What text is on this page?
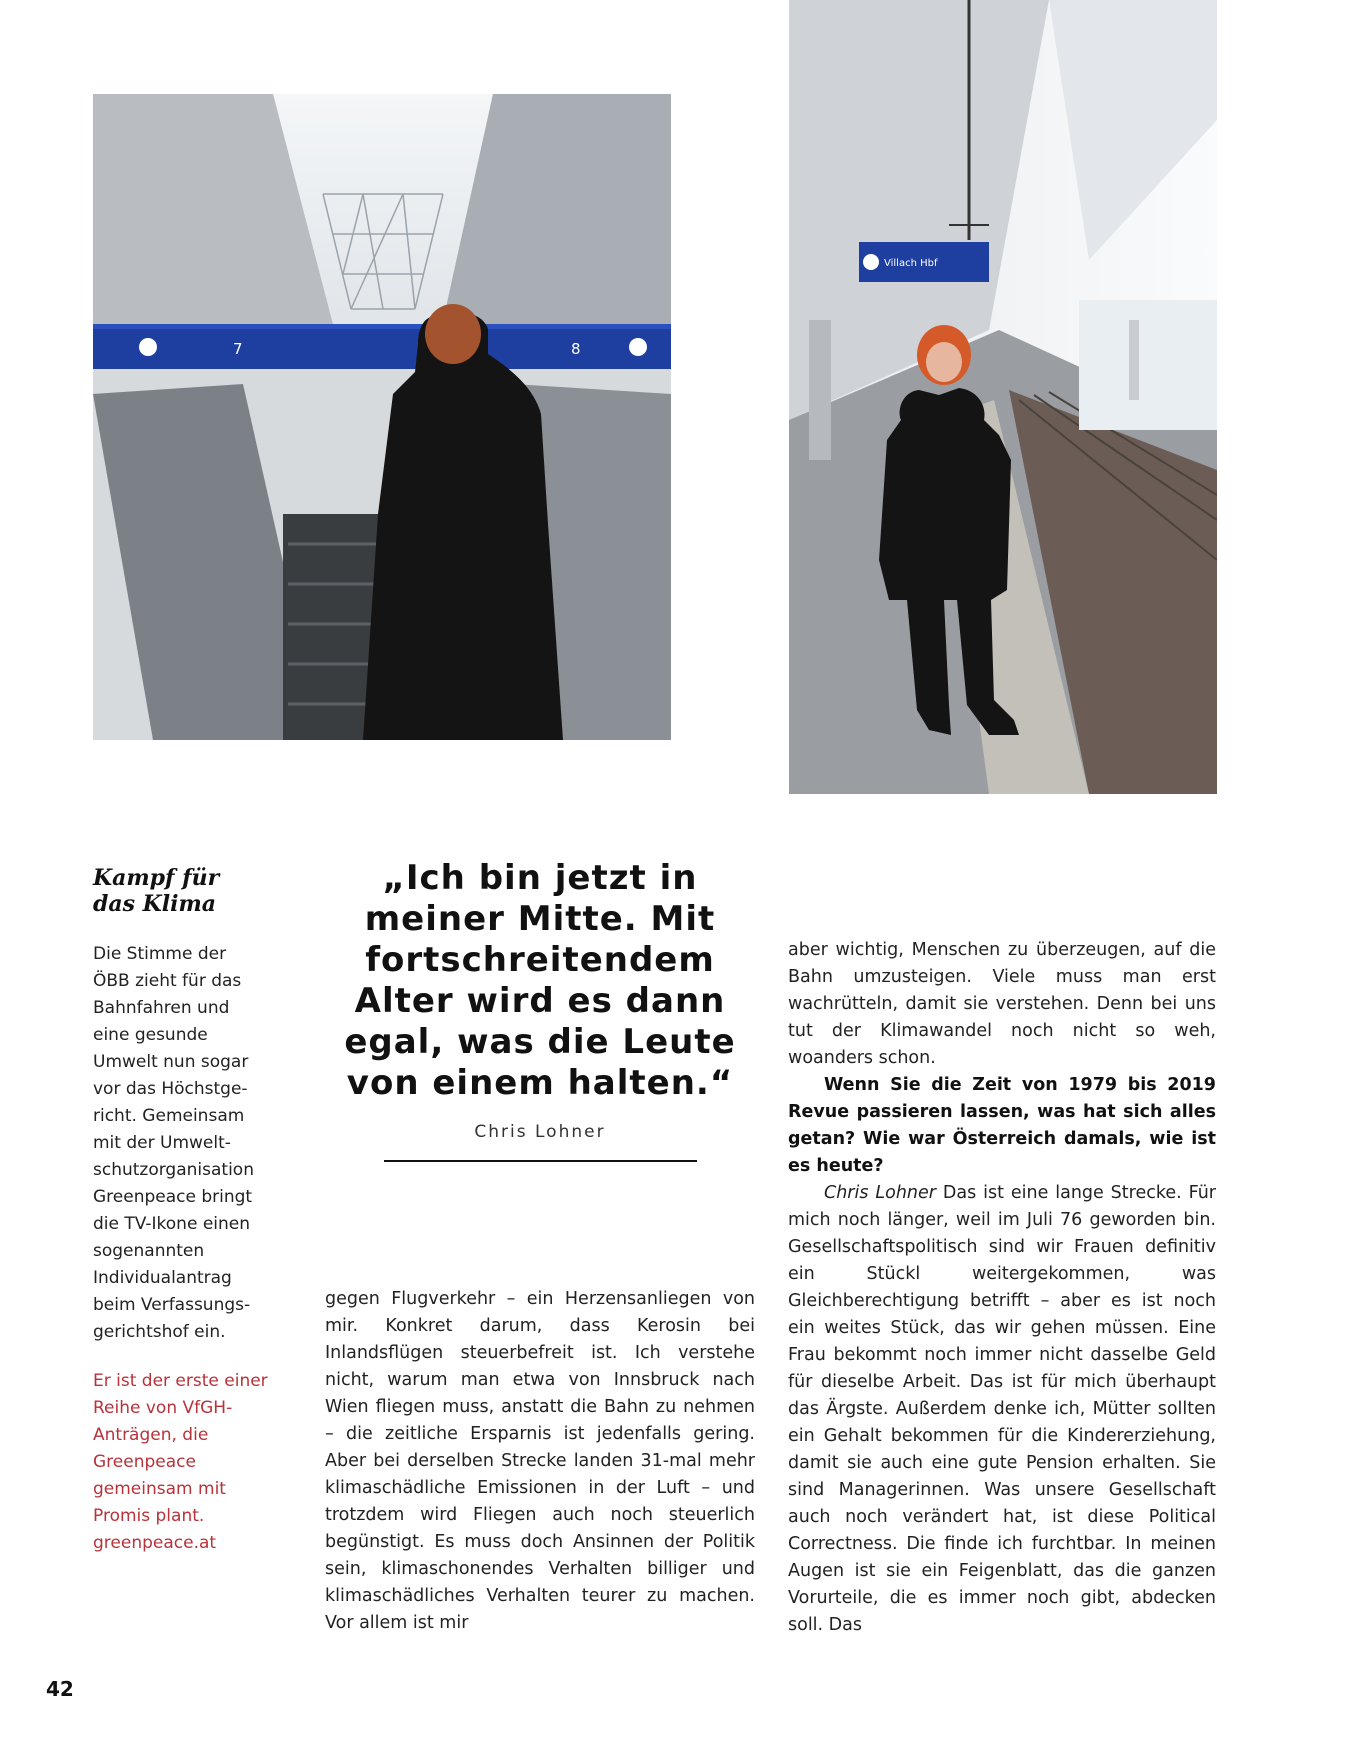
7	8
Villach Hbf

Kampf für
das Klima

Die Stimme der ÖBB zieht für das Bahnfahren und eine gesunde Umwelt nun sogar vor das Höchstgericht. Gemeinsam mit der Umweltschutzorganisation Greenpeace bringt die TV-Ikone einen sogenannten Individualantrag beim Verfassungsgerichtshof ein.

Er ist der erste einer Reihe von VfGH-Anträgen, die Greenpeace gemeinsam mit Promis plant. greenpeace.at

„Ich bin jetzt in meiner Mitte. Mit fortschreitendem Alter wird es dann egal, was die Leute von einem halten.“

Chris Lohner

gegen Flugverkehr – ein Herzensanliegen von mir. Konkret darum, dass Kerosin bei Inlandsflügen steuerbefreit ist. Ich verstehe nicht, warum man etwa von Innsbruck nach Wien fliegen muss, anstatt die Bahn zu nehmen – die zeitliche Ersparnis ist jedenfalls gering. Aber bei derselben Strecke landen 31-mal mehr klimaschädliche Emissionen in der Luft – und trotzdem wird Fliegen auch noch steuerlich begünstigt. Es muss doch Ansinnen der Politik sein, klimaschonendes Verhalten billiger und klimaschädliches Verhalten teurer zu machen. Vor allem ist mir

aber wichtig, Menschen zu überzeugen, auf die Bahn umzusteigen. Viele muss man erst wachrütteln, damit sie verstehen. Denn bei uns tut der Klimawandel noch nicht so weh, woanders schon.

Wenn Sie die Zeit von 1979 bis 2019 Revue passieren lassen, was hat sich alles getan? Wie war Österreich damals, wie ist es heute?

Chris Lohner Das ist eine lange Strecke. Für mich noch länger, weil im Juli 76 geworden bin. Gesellschaftspolitisch sind wir Frauen definitiv ein Stückl weitergekommen, was Gleichberechtigung betrifft – aber es ist noch ein weites Stück, das wir gehen müssen. Eine Frau bekommt noch immer nicht dasselbe Geld für dieselbe Arbeit. Das ist für mich überhaupt das Ärgste. Außerdem denke ich, Mütter sollten ein Gehalt bekommen für die Kindererziehung, damit sie auch eine gute Pension erhalten. Sie sind Managerinnen. Was unsere Gesellschaft auch noch verändert hat, ist diese Political Correctness. Die finde ich furchtbar. In meinen Augen ist sie ein Feigenblatt, das die ganzen Vorurteile, die es immer noch gibt, abdecken soll. Das

42
